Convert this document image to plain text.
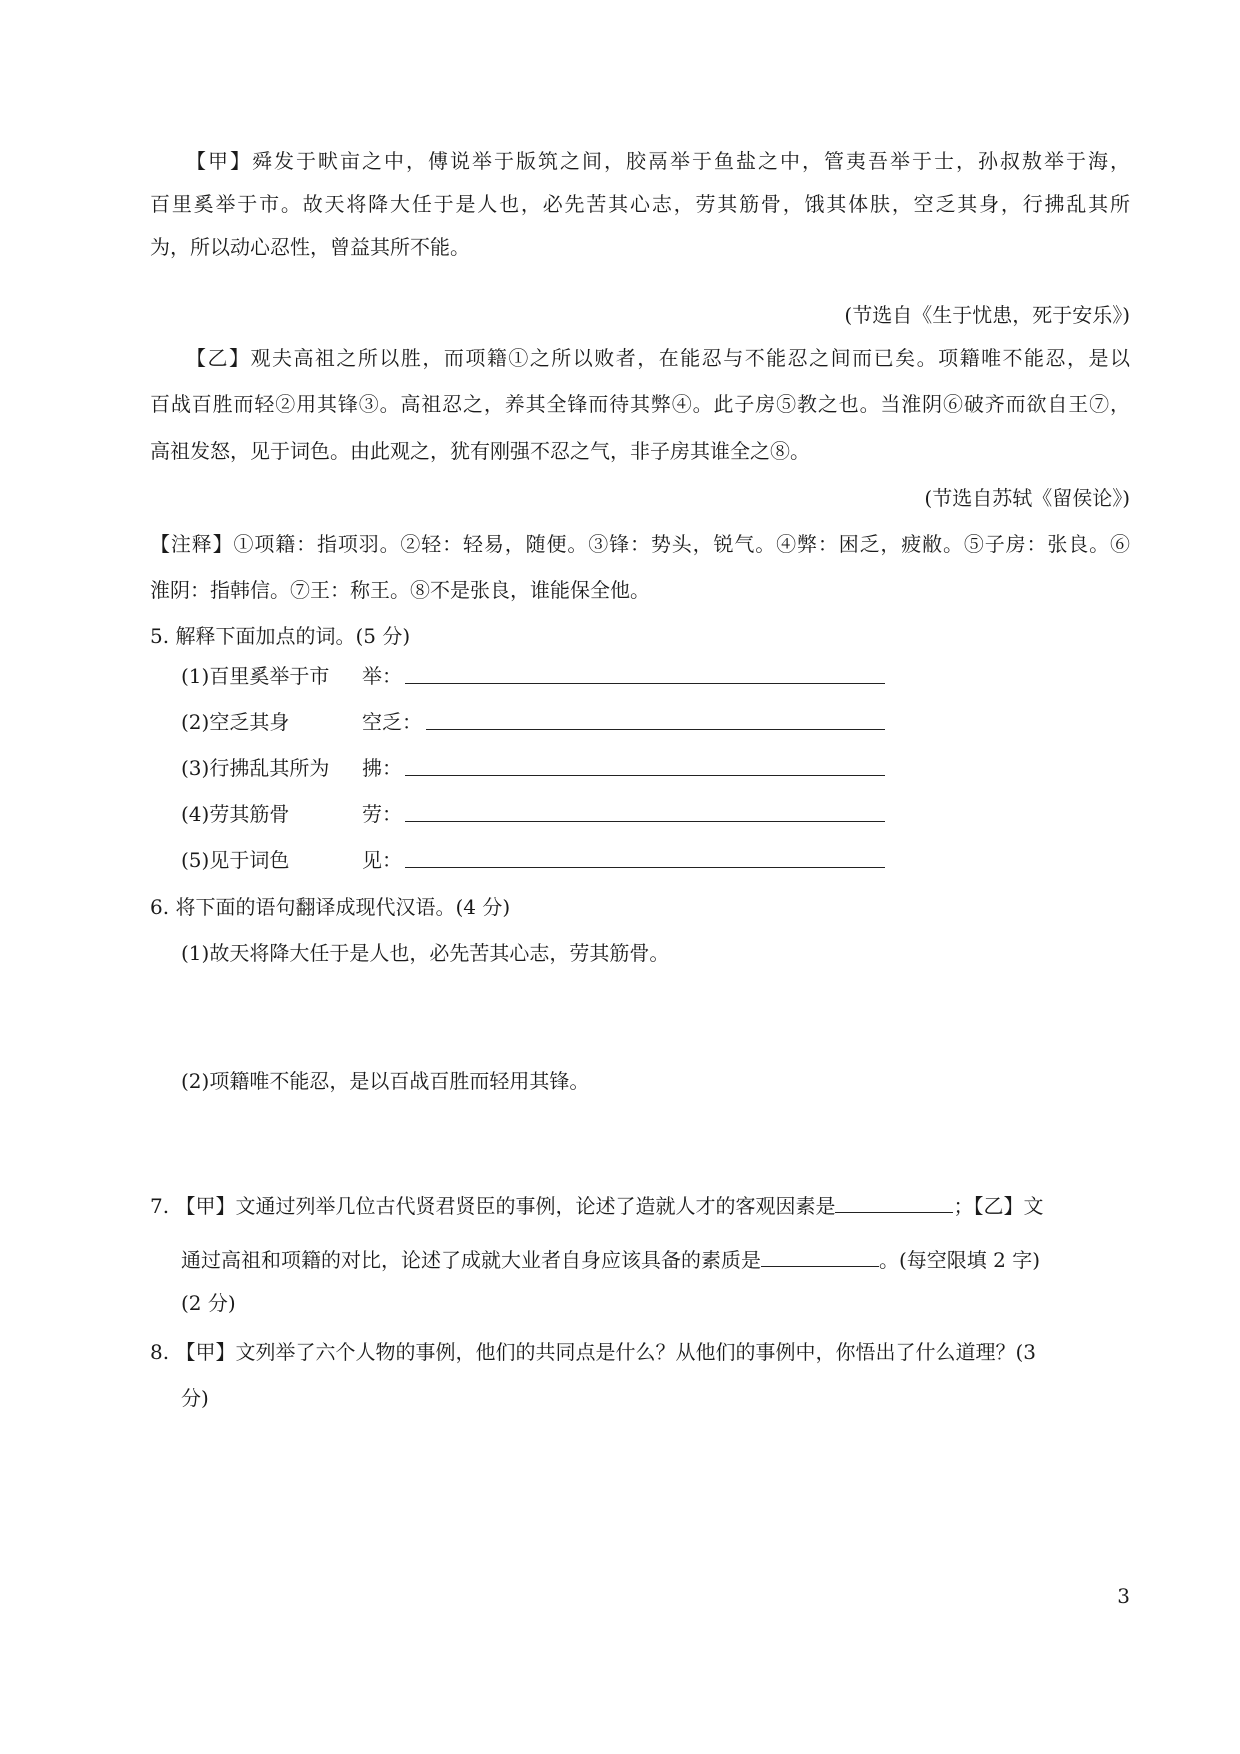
【甲】舜发于畎亩之中，傅说举于版筑之间，胶鬲举于鱼盐之中，管夷吾举于士，孙叔敖举于海，
百里奚举于市。故天将降大任于是人也，必先苦其心志，劳其筋骨，饿其体肤，空乏其身，行拂乱其所
为，所以动心忍性，曾益其所不能。
(节选自《生于忧患，死于安乐》)
【乙】观夫高祖之所以胜，而项籍①之所以败者，在能忍与不能忍之间而已矣。项籍唯不能忍，是以
百战百胜而轻②用其锋③。高祖忍之，养其全锋而待其弊④。此子房⑤教之也。当淮阴⑥破齐而欲自王⑦，
高祖发怒，见于词色。由此观之，犹有刚强不忍之气，非子房其谁全之⑧。
(节选自苏轼《留侯论》)
【注释】①项籍：指项羽。②轻：轻易，随便。③锋：势头，锐气。④弊：困乏，疲敝。⑤子房：张良。⑥
淮阴：指韩信。⑦王：称王。⑧不是张良，谁能保全他。
5. 解释下面加点的词。(5 分)
(1)百里奚举于市 举：
(2)空乏其身	空乏：
(3)行拂乱其所为 拂：
(4)劳其筋骨	劳：
(5)见于词色	见：
6. 将下面的语句翻译成现代汉语。(4 分)
(1)故天将降大任于是人也，必先苦其心志，劳其筋骨。
(2)项籍唯不能忍，是以百战百胜而轻用其锋。
7. 【甲】文通过列举几位古代贤君贤臣的事例，论述了造就人才的客观因素是	；【乙】文
通过高祖和项籍的对比，论述了成就大业者自身应该具备的素质是	。(每空限填 2 字)
(2 分)
8. 【甲】文列举了六个人物的事例，他们的共同点是什么？从他们的事例中，你悟出了什么道理？(3
分)
3
